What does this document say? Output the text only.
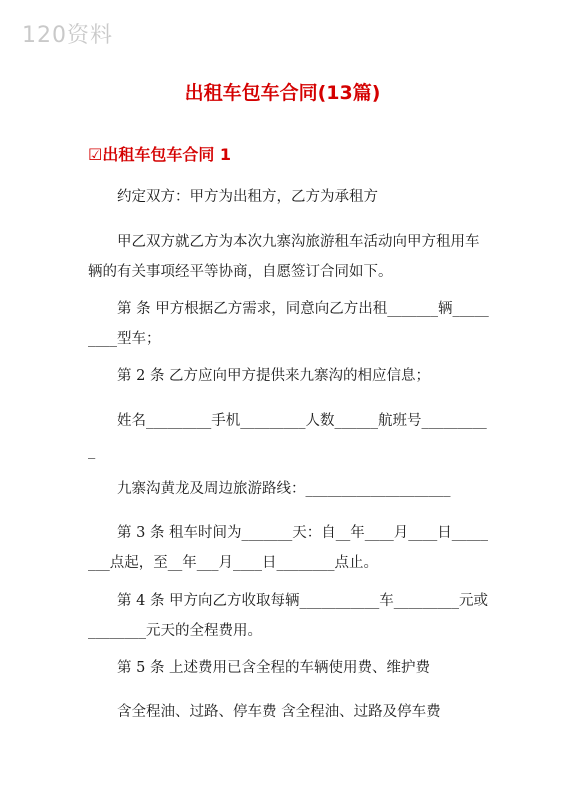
120资料
出租车包车合同(13篇)
☑出租车包车合同 1
约定双方：甲方为出租方，乙方为承租方
甲乙双方就乙方为本次九寨沟旅游租车活动向甲方租用车
辆的有关事项经平等协商，自愿签订合同如下。
第 条 甲方根据乙方需求，同意向乙方出租_______辆_____
____型车；
第 2 条 乙方应向甲方提供来九寨沟的相应信息；
姓名_________手机_________人数______航班号_________
_
九寨沟黄龙及周边旅游路线：____________________
第 3 条 租车时间为_______天：自__年____月____日_____
___点起，至__年___月____日________点止。
第 4 条 甲方向乙方收取每辆___________车_________元或
________元天的全程费用。
第 5 条 上述费用已含全程的车辆使用费、维护费
含全程油、过路、停车费 含全程油、过路及停车费
